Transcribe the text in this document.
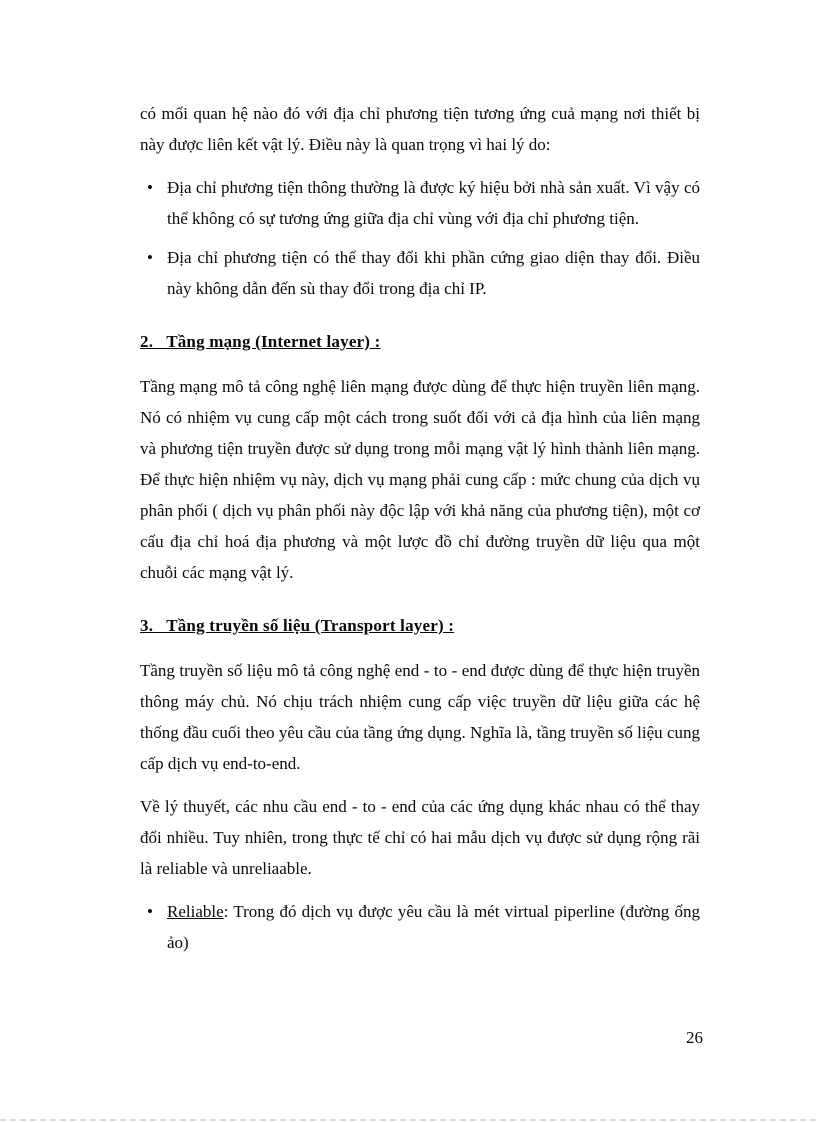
có mối quan hệ nào đó với địa chỉ phương tiện tương ứng cuả mạng nơi thiết bị này được liên kết vật lý. Điều này là quan trọng vì hai lý do:

• Địa chỉ phương tiện thông thường là được ký hiệu bởi nhà sản xuất. Vì vậy có thể không có sự tương ứng giữa địa chỉ vùng với địa chỉ phương tiện.
• Địa chỉ phương tiện có thể thay đổi khi phần cứng giao diện thay đổi. Điều này không dẫn đến sù thay đổi trong địa chỉ IP.
2.   Tầng mạng (Internet layer) :

Tầng mạng mô tả công nghệ liên mạng được dùng để thực hiện truyền liên mạng. Nó có nhiệm vụ cung cấp một cách trong suốt đối với cả địa hình của liên mạng và phương tiện truyền được sử dụng trong mỗi mạng vật lý hình thành liên mạng. Để thực hiện nhiệm vụ này, dịch vụ mạng phải cung cấp : mức chung của dịch vụ phân phối ( dịch vụ phân phối này độc lập với khả năng của phương tiện), một cơ cấu địa chỉ hoá địa phương và một lược đồ chỉ đường truyền dữ liệu qua một chuỗi các mạng vật lý.

3.   Tầng truyền số liệu (Transport layer) :

Tầng truyền số liệu mô tả công nghệ end - to - end được dùng để thực hiện truyền thông máy chủ. Nó chịu trách nhiệm cung cấp việc truyền dữ liệu giữa các hệ thống đầu cuối theo yêu cầu của tầng ứng dụng. Nghĩa là, tầng truyền số liệu cung cấp dịch vụ end-to-end.

Về lý thuyết, các nhu cầu end - to - end của các ứng dụng khác nhau có thể thay đổi nhiều. Tuy nhiên, trong thực tế chỉ có hai mẫu dịch vụ được sử dụng rộng rãi là reliable và unreliaable.

• Reliable: Trong đó dịch vụ được yêu cầu là mét virtual piperline (đường ống ảo)
26
